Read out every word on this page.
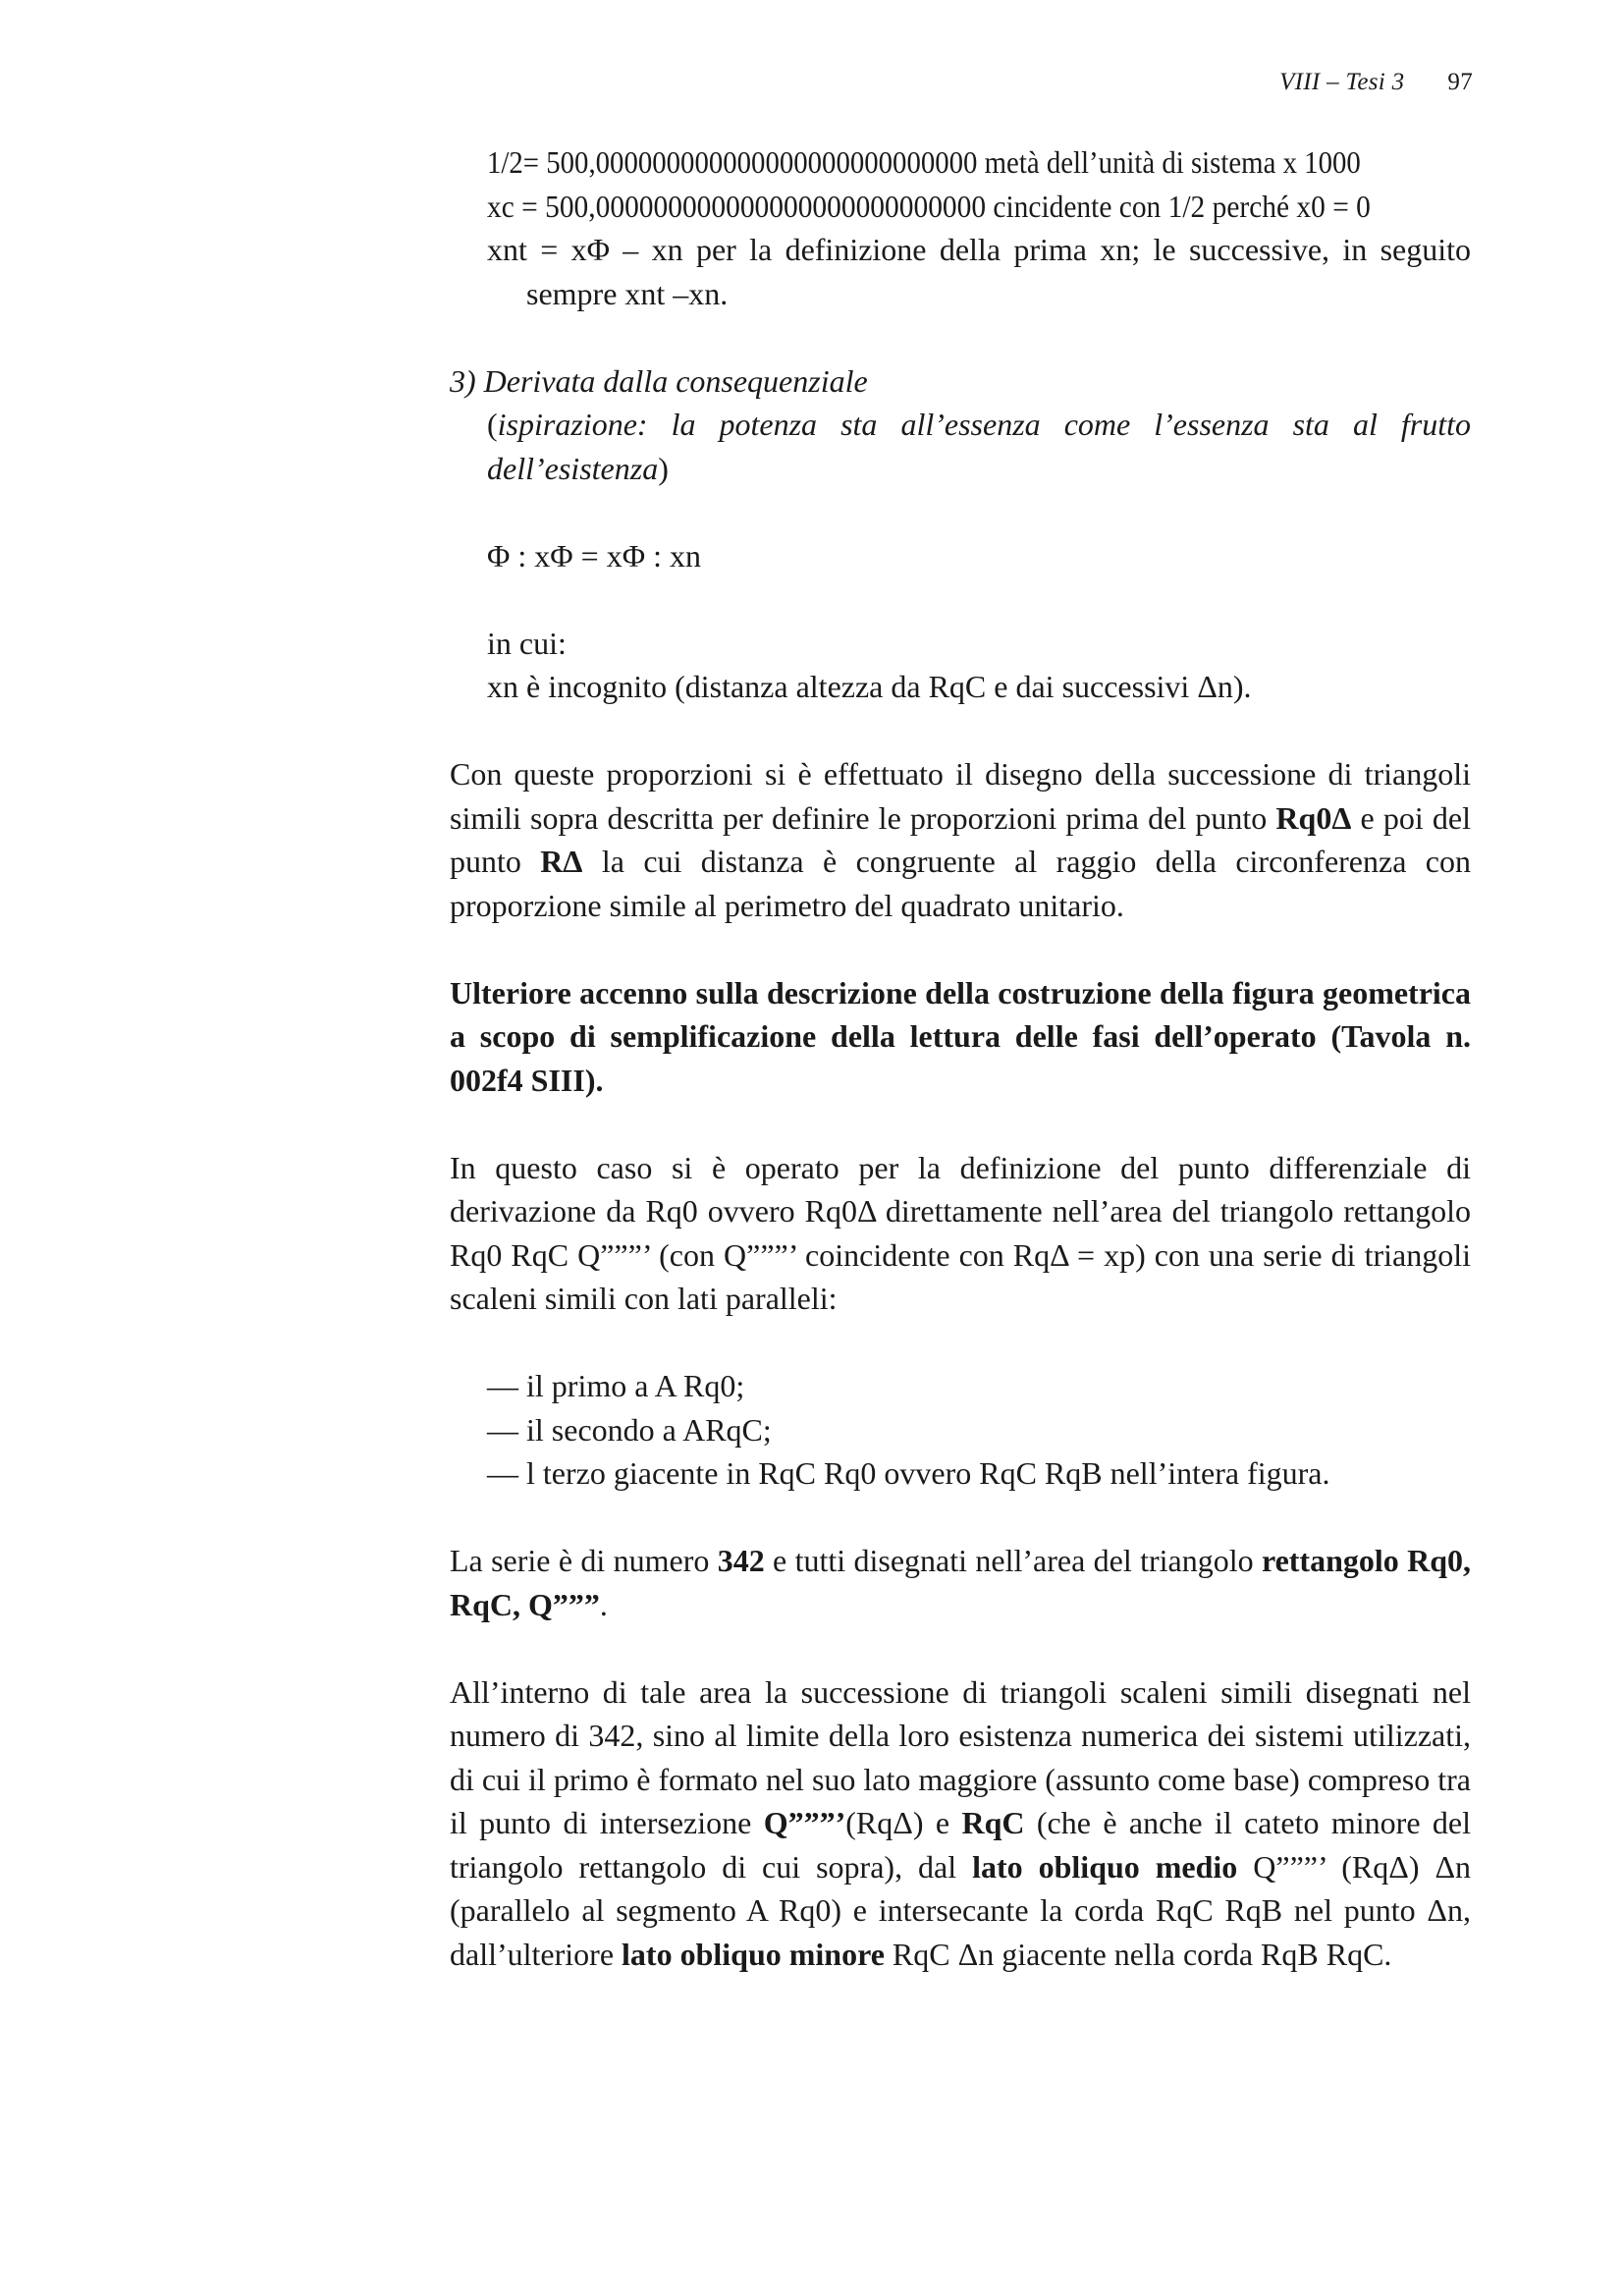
VIII – Tesi 3 97

1/2= 500,000000000000000000000000000 metà dell’unità di sistema x 1000

xc = 500,000000000000000000000000000 cincidente con 1/2 perché x0 = 0

xnt = xΦ – xn per la definizione della prima xn; le successive, in seguito sempre xnt –xn.

3) Derivata dalla consequenziale

(ispirazione: la potenza sta all’essenza come l’essenza sta al frutto dell’esistenza)

Φ : xΦ = xΦ : xn

in cui:

xn è incognito (distanza altezza da RqC e dai successivi Δn).

Con queste proporzioni si è effettuato il disegno della successione di triangoli simili sopra descritta per definire le proporzioni prima del punto Rq0Δ e poi del punto RΔ la cui distanza è congruente al raggio della circonferenza con proporzione simile al perimetro del quadrato unitario.

Ulteriore accenno sulla descrizione della costruzione della figura geometrica a scopo di semplificazione della lettura delle fasi dell’operato (Tavola n. 002f4 SIII).

In questo caso si è operato per la definizione del punto differenziale di

derivazione da Rq0 ovvero Rq0Δ direttamente nell’area del triangolo rettangolo

Rq0 RqC Q”””’ (con Q”””’ coincidente con RqΔ = xp) con una serie di triangoli scaleni simili con lati paralleli:

— il primo a A Rq0;

— il secondo a ARqC;

— l terzo giacente in RqC Rq0 ovvero RqC RqB nell’intera figura.

La serie è di numero 342 e tutti disegnati nell’area del triangolo rettangolo Rq0, RqC, Q”””.

All’interno di tale area la successione di triangoli scaleni simili disegnati nel numero di 342, sino al limite della loro esistenza numerica dei sistemi utilizzati, di cui il primo è formato nel suo lato maggiore (assunto come base) compreso tra il punto di intersezione Q”””’(RqΔ) e RqC (che è anche il cateto minore del triangolo rettangolo di cui sopra), dal lato obliquo medio Q”””’ (RqΔ) Δn (parallelo al segmento A Rq0) e intersecante la corda RqC RqB nel punto Δn, dall’ulteriore lato obliquo minore RqC Δn giacente nella corda RqB RqC.
